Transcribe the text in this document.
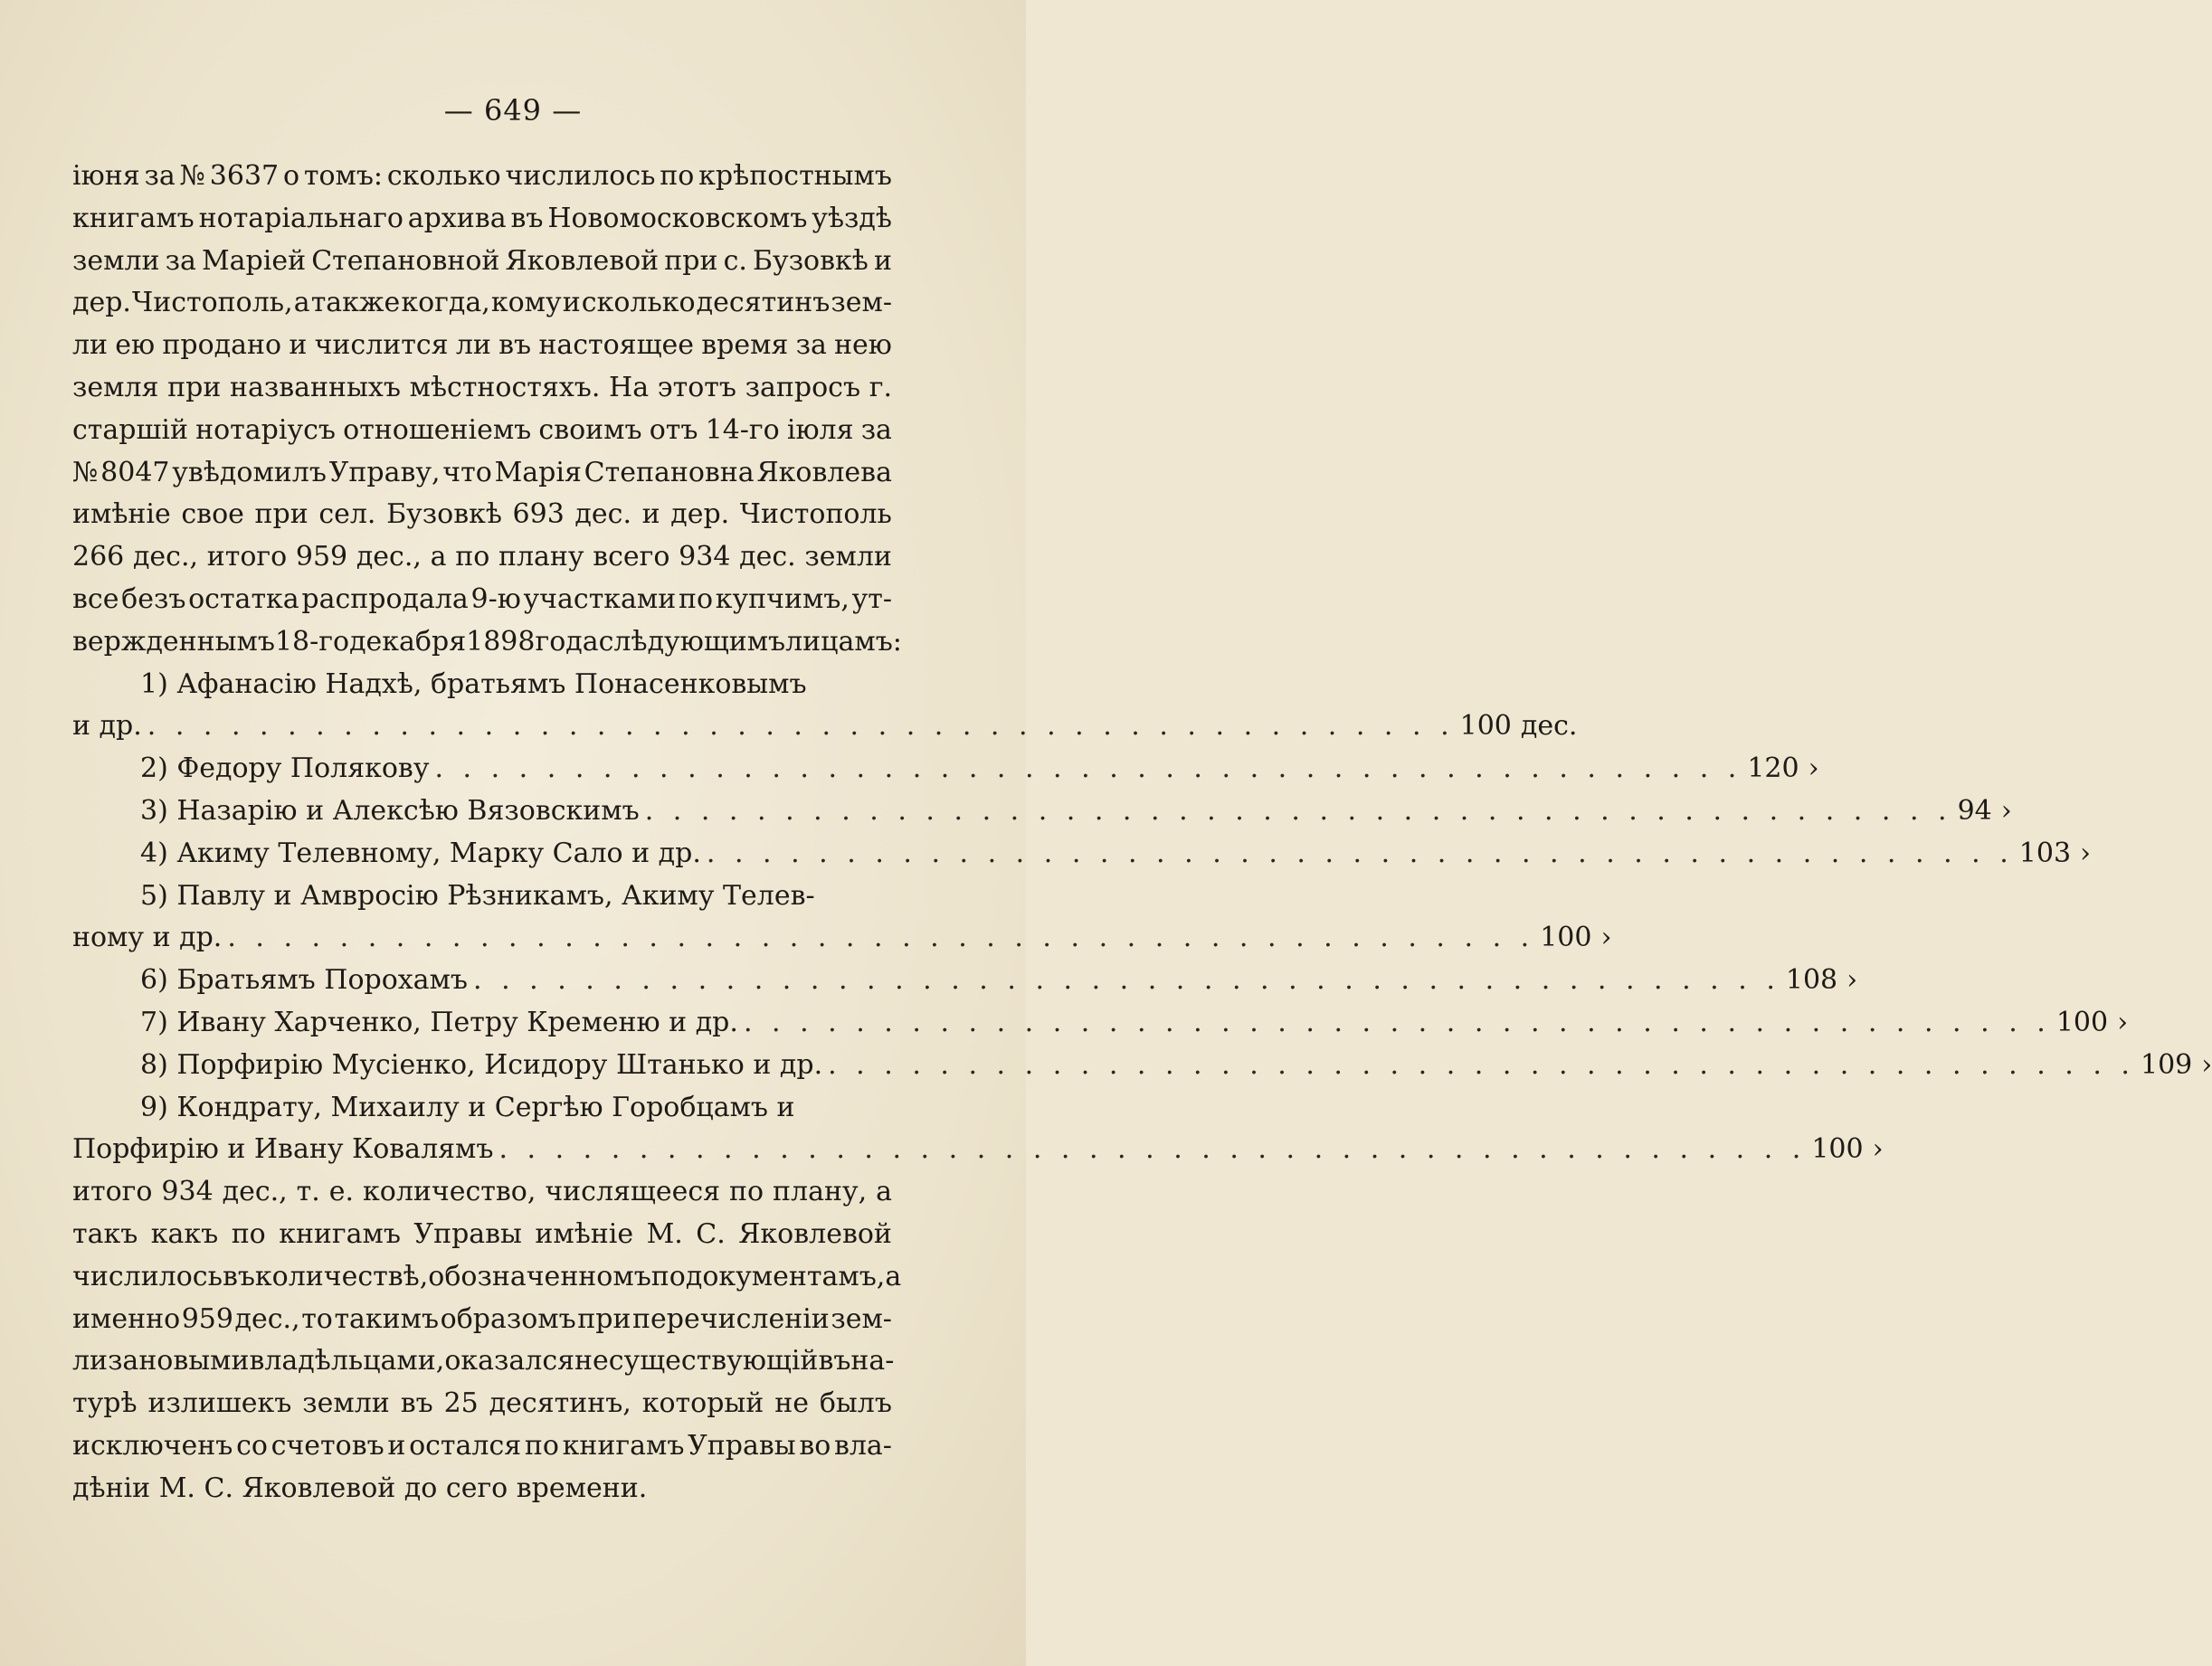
— 649 —
іюня за № 3637 о томъ: сколько числилось по крѣпостнымъ
книгамъ нотаріальнаго архива въ Новомосковскомъ уѣздѣ
земли за Маріей Степановной Яковлевой при с. Бузовкѣ и
дер. Чистополь, а также когда, кому и сколько десятинъ зем-
ли ею продано и числится ли въ настоящее время за нею
земля при названныхъ мѣстностяхъ. На этотъ запросъ г.
старшій нотаріусъ отношеніемъ своимъ отъ 14-го іюля за
№ 8047 увѣдомилъ Управу, что Марія Степановна Яковлева
имѣніе свое при сел. Бузовкѣ 693 дес. и дер. Чистополь
266 дес., итого 959 дес., а по плану всего 934 дес. земли
все безъ остатка распродала 9-ю участками по купчимъ, ут-
вержденнымъ 18-го декабря 1898 года слѣдующимъ лицамъ:
1) Афанасію Надхѣ, братьямъ Понасенковымъ
и др. . . .	100 дес.
2) Федору Полякову . . .	120 ›
3) Назарію и Алексѣю Вязовскимъ . . .	94 ›
4) Акиму Телевному, Марку Сало и др. . . .	103 ›
5) Павлу и Амвросію Рѣзникамъ, Акиму Телев-
ному и др. . . .	100 ›
6) Братьямъ Порохамъ . . .	108 ›
7) Ивану Харченко, Петру Кременю и др. . . .	100 ›
8) Порфирію Мусіенко, Исидору Штанько и др. . . .	109 ›
9) Кондрату, Михаилу и Сергѣю Горобцамъ и
Порфирію и Ивану Ковалямъ . . .	100 ›
итого 934 дес., т. е. количество, числящееся по плану, а
такъ какъ по книгамъ Управы имѣніе М. С. Яковлевой
числилось въ количествѣ, обозначенномъ по документамъ, а
именно 959 дес., то такимъ образомъ при перечисленіи зем-
ли за новыми владѣльцами, оказался несуществующій въ на-
турѣ излишекъ земли въ 25 десятинъ, который не былъ
исключенъ со счетовъ и остался по книгамъ Управы во вла-
дѣніи М. С. Яковлевой до сего времени.
